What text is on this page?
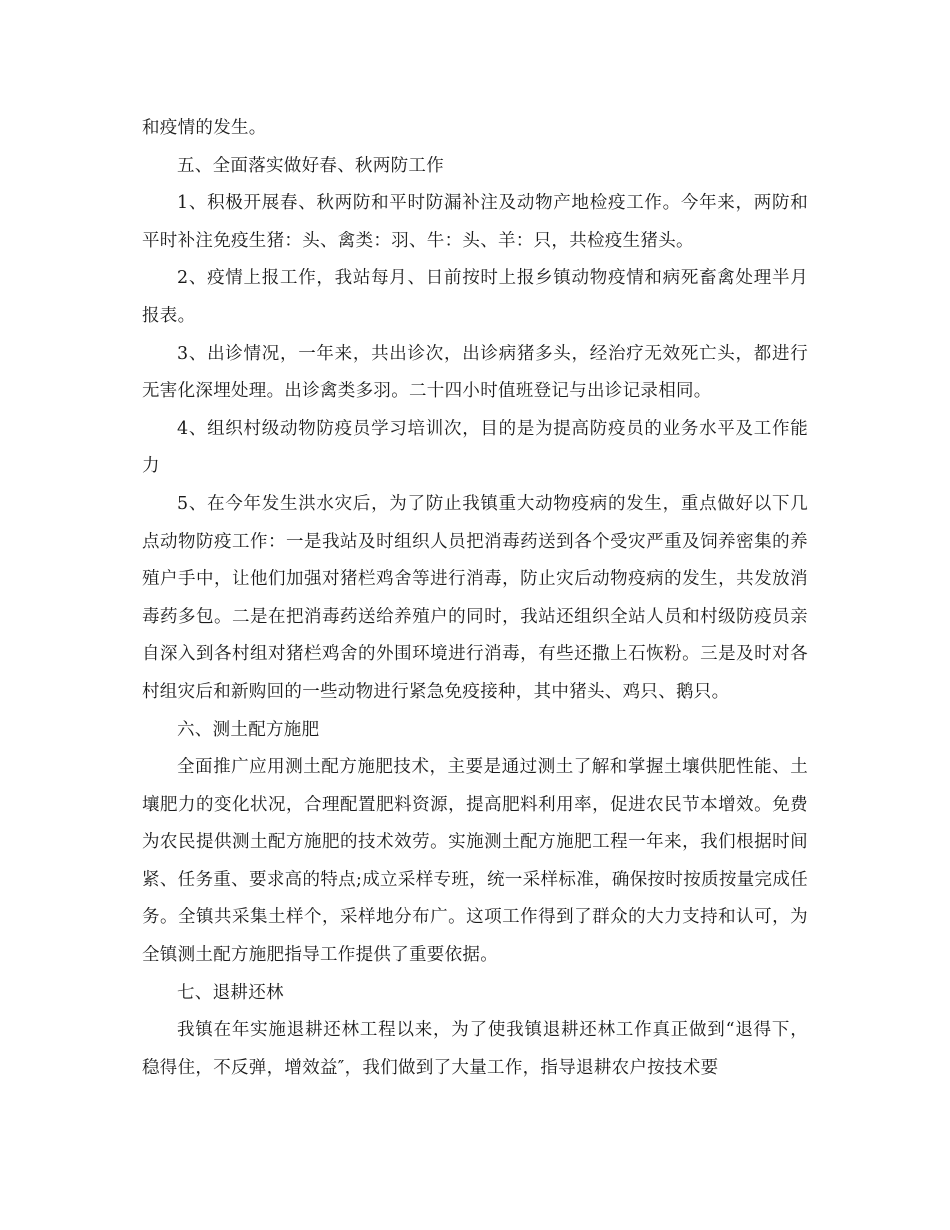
和疫情的发生。

五、全面落实做好春、秋两防工作

1、积极开展春、秋两防和平时防漏补注及动物产地检疫工作。今年来，两防和平时补注免疫生猪：头、禽类：羽、牛：头、羊：只，共检疫生猪头。

2、疫情上报工作，我站每月、日前按时上报乡镇动物疫情和病死畜禽处理半月报表。

3、出诊情况，一年来，共出诊次，出诊病猪多头，经治疗无效死亡头，都进行无害化深埋处理。出诊禽类多羽。二十四小时值班登记与出诊记录相同。

4、组织村级动物防疫员学习培训次，目的是为提高防疫员的业务水平及工作能力

5、在今年发生洪水灾后，为了防止我镇重大动物疫病的发生，重点做好以下几点动物防疫工作：一是我站及时组织人员把消毒药送到各个受灾严重及饲养密集的养殖户手中，让他们加强对猪栏鸡舍等进行消毒，防止灾后动物疫病的发生，共发放消毒药多包。二是在把消毒药送给养殖户的同时，我站还组织全站人员和村级防疫员亲自深入到各村组对猪栏鸡舍的外围环境进行消毒，有些还撒上石恢粉。三是及时对各村组灾后和新购回的一些动物进行紧急免疫接种，其中猪头、鸡只、鹅只。

六、测土配方施肥

全面推广应用测土配方施肥技术，主要是通过测土了解和掌握土壤供肥性能、土壤肥力的变化状况，合理配置肥料资源，提高肥料利用率，促进农民节本增效。免费为农民提供测土配方施肥的技术效劳。实施测土配方施肥工程一年来，我们根据时间紧、任务重、要求高的特点;成立采样专班，统一采样标准，确保按时按质按量完成任务。全镇共采集土样个，采样地分布广。这项工作得到了群众的大力支持和认可，为全镇测土配方施肥指导工作提供了重要依据。

七、退耕还林

我镇在年实施退耕还林工程以来，为了使我镇退耕还林工作真正做到“退得下，稳得住，不反弹，增效益″，我们做到了大量工作，指导退耕农户按技术要
